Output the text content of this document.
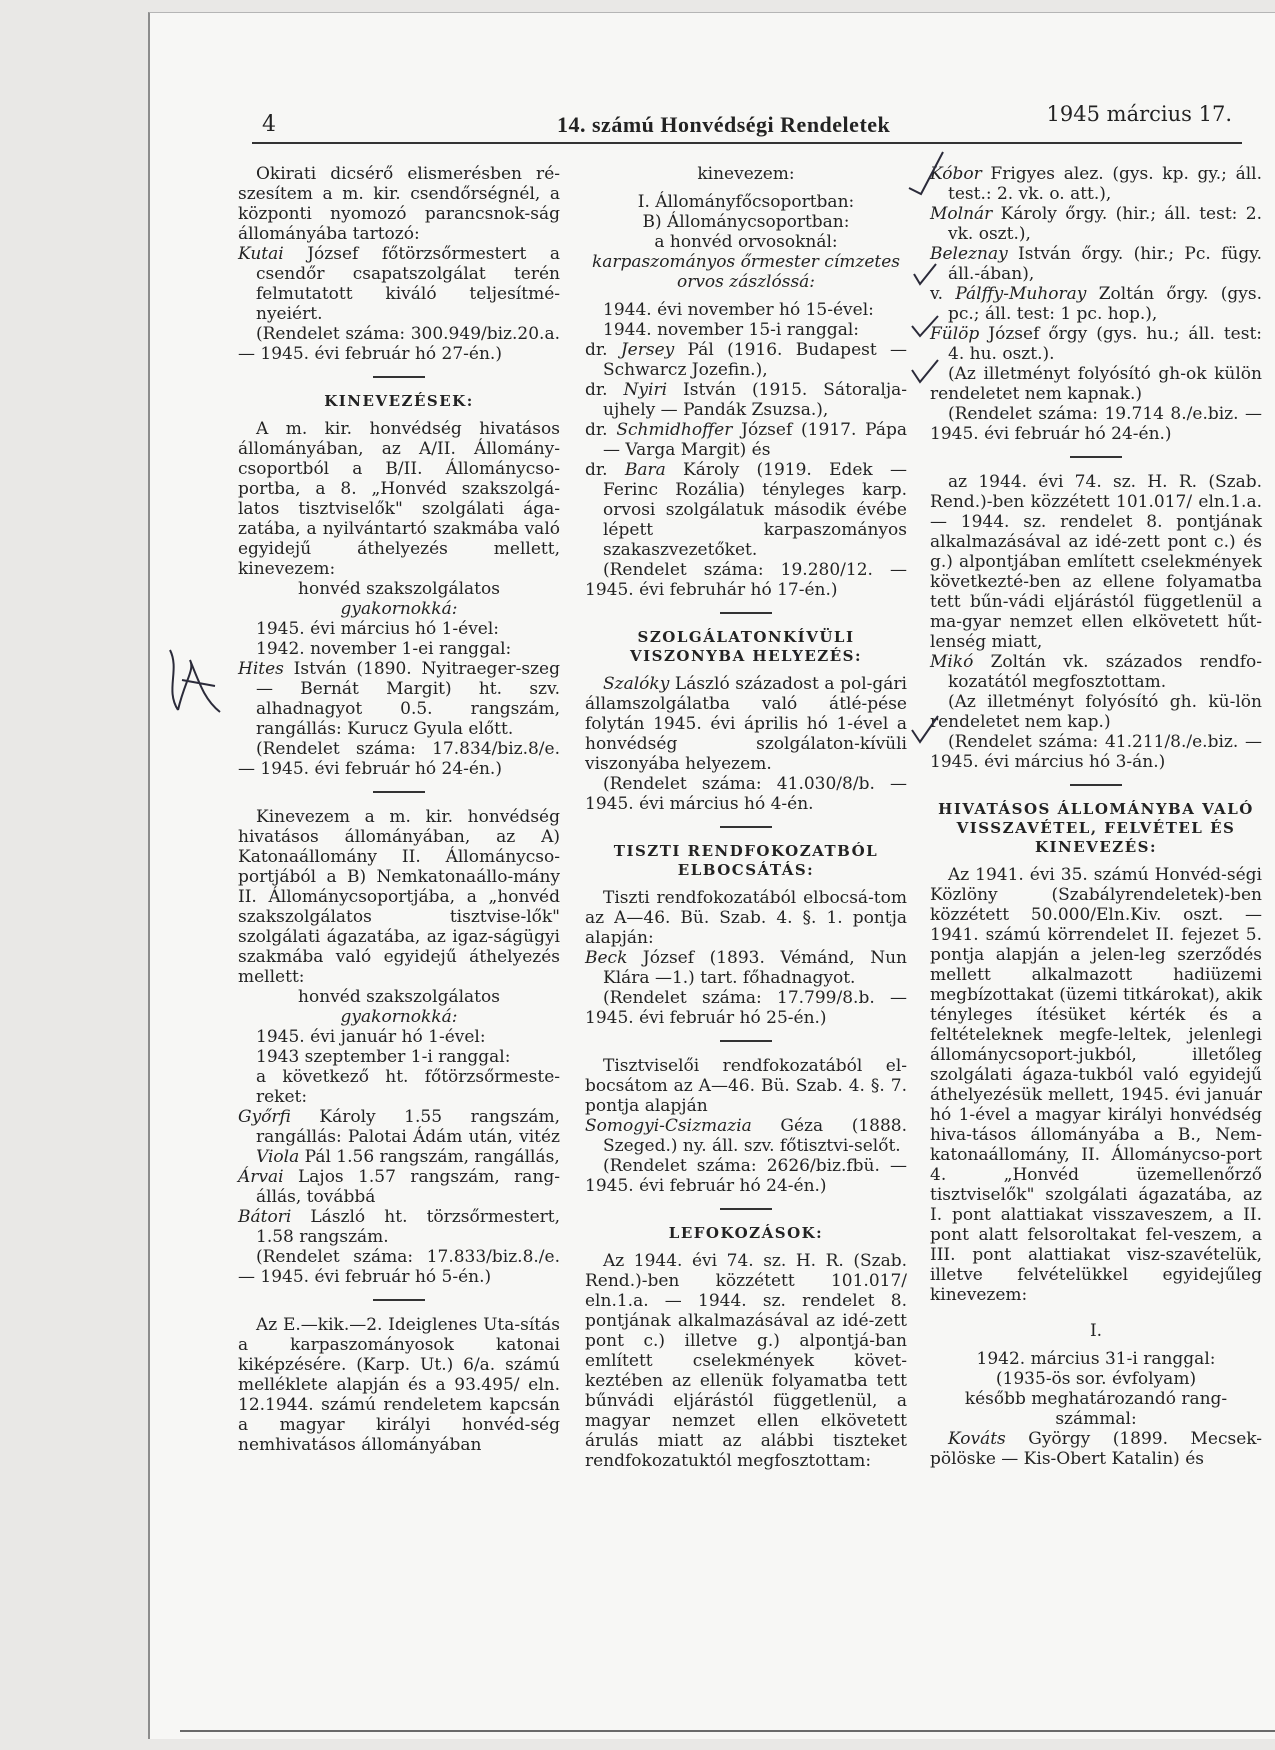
4	14. számú Honvédségi Rendeletek	1945 március 17.

Okirati dicsérő elismerésben ré-szesítem a m. kir. csendőrségnél, a központi nyomozó parancsnok-ság állományába tartozó:

Kutai József főtörzsőrmestert a csendőr csapatszolgálat terén felmutatott kiváló teljesítmé-nyeiért.

(Rendelet száma: 300.949/biz.20.a. — 1945. évi február hó 27-én.)

KINEVEZÉSEK:

A m. kir. honvédség hivatásos állományában, az A/II. Állomány-csoportból a B/II. Állománycso-portba, a 8. „Honvéd szakszolgá-latos tisztviselők" szolgálati ága-zatába, a nyilvántartó szakmába való egyidejű áthelyezés mellett, kinevezem:

honvéd szakszolgálatos

gyakornokká:

1945. évi március hó 1-ével:

1942. november 1-ei ranggal:

Hites István (1890. Nyitraeger-szeg — Bernát Margit) ht. szv. alhadnagyot 0.5. rangszám, rangállás: Kurucz Gyula előtt.

(Rendelet száma: 17.834/biz.8/e. — 1945. évi február hó 24-én.)

Kinevezem a m. kir. honvédség hivatásos állományában, az A) Katonaállomány II. Állománycso-portjából a B) Nemkatonaállo-mány II. Állománycsoportjába, a „honvéd szakszolgálatos tisztvise-lők" szolgálati ágazatába, az igaz-ságügyi szakmába való egyidejű áthelyezés mellett:

honvéd szakszolgálatos

gyakornokká:

1945. évi január hó 1-ével:

1943 szeptember 1-i ranggal:

a következő ht. főtörzsőrmeste-reket:

Győrfi Károly 1.55 rangszám, rangállás: Palotai Ádám után, vitéz Viola Pál 1.56 rangszám, rangállás,

Árvai Lajos 1.57 rangszám, rang-állás, továbbá

Bátori László ht. törzsőrmestert, 1.58 rangszám.

(Rendelet száma: 17.833/biz.8./e. — 1945. évi február hó 5-én.)

Az E.—kik.—2. Ideiglenes Uta-sítás a karpaszományosok katonai kiképzésére. (Karp. Ut.) 6/a. számú melléklete alapján és a 93.495/ eln. 12.1944. számú rendeletem kapcsán a magyar királyi honvéd-ség nemhivatásos állományában

kinevezem:

I. Állományfőcsoportban:

B) Állománycsoportban:

a honvéd orvosoknál:

karpaszományos őrmester címzetes orvos zászlóssá:

1944. évi november hó 15-ével:

1944. november 15-i ranggal:

dr. Jersey Pál (1916. Budapest — Schwarcz Jozefin.),

dr. Nyiri István (1915. Sátoralja-ujhely — Pandák Zsuzsa.),

dr. Schmidhoffer József (1917. Pápa — Varga Margit) és

dr. Bara Károly (1919. Edek — Ferinc Rozália) tényleges karp. orvosi szolgálatuk második évébe lépett karpaszományos szakaszvezetőket.

(Rendelet száma: 19.280/12. — 1945. évi februhár hó 17-én.)

SZOLGÁLATONKÍVÜLI VISZONYBA HELYEZÉS:

Szalóky László századost a pol-gári államszolgálatba való átlé-pése folytán 1945. évi április hó 1-ével a honvédség szolgálaton-kívüli viszonyába helyezem.

(Rendelet száma: 41.030/8/b. — 1945. évi március hó 4-én.

TISZTI RENDFOKOZATBÓL ELBOCSÁTÁS:

Tiszti rendfokozatából elbocsá-tom az A—46. Bü. Szab. 4. §. 1. pontja alapján:

Beck József (1893. Vémánd, Nun Klára —1.) tart. főhadnagyot.

(Rendelet száma: 17.799/8.b. — 1945. évi február hó 25-én.)

Tisztviselői rendfokozatából el-bocsátom az A—46. Bü. Szab. 4. §. 7. pontja alapján

Somogyi-Csizmazia Géza (1888. Szeged.) ny. áll. szv. főtisztvi-selőt.

(Rendelet száma: 2626/biz.fbü. — 1945. évi február hó 24-én.)

LEFOKOZÁSOK:

Az 1944. évi 74. sz. H. R. (Szab. Rend.)-ben közzétett 101.017/ eln.1.a. — 1944. sz. rendelet 8. pontjának alkalmazásával az idé-zett pont c.) illetve g.) alpontjá-ban említett cselekmények követ-keztében az ellenük folyamatba tett bűnvádi eljárástól függetlenül, a magyar nemzet ellen elkövetett árulás miatt az alábbi tiszteket rendfokozatuktól megfosztottam:

Kóbor Frigyes alez. (gys. kp. gy.; áll. test.: 2. vk. o. att.),

Molnár Károly őrgy. (hir.; áll. test: 2. vk. oszt.),

Beleznay István őrgy. (hir.; Pc. fügy. áll.-ában),

v. Pálffy-Muhoray Zoltán őrgy. (gys. pc.; áll. test: 1 pc. hop.),

Fülöp József őrgy (gys. hu.; áll. test: 4. hu. oszt.).

(Az illetményt folyósító gh-ok külön rendeletet nem kapnak.)

(Rendelet száma: 19.714 8./e.biz. — 1945. évi február hó 24-én.)

az 1944. évi 74. sz. H. R. (Szab. Rend.)-ben közzétett 101.017/ eln.1.a. — 1944. sz. rendelet 8. pontjának alkalmazásával az idé-zett pont c.) és g.) alpontjában említett cselekmények következté-ben az ellene folyamatba tett bűn-vádi eljárástól függetlenül a ma-gyar nemzet ellen elkövetett hűt-lenség miatt,

Mikó Zoltán vk. százados rendfo-kozatától megfosztottam.

(Az illetményt folyósító gh. kü-lön rendeletet nem kap.)

(Rendelet száma: 41.211/8./e.biz. — 1945. évi március hó 3-án.)

HIVATÁSOS ÁLLOMÁNYBA VALÓ VISSZAVÉTEL, FELVÉTEL ÉS KINEVEZÉS:

Az 1941. évi 35. számú Honvéd-ségi Közlöny (Szabályrendeletek)-ben közzétett 50.000/Eln.Kiv. oszt. — 1941. számú körrendelet II. fejezet 5. pontja alapján a jelen-leg szerződés mellett alkalmazott hadiüzemi megbízottakat (üzemi titkárokat), akik tényleges ítésüket kérték és a feltételeknek megfe-leltek, jelenlegi állománycsoport-jukból, illetőleg szolgálati ágaza-tukból való egyidejű áthelyezésük mellett, 1945. évi január hó 1-ével a magyar királyi honvédség hiva-tásos állományába a B., Nem-katonaállomány, II. Állománycso-port 4. „Honvéd üzemellenőrző tisztviselők" szolgálati ágazatába, az I. pont alattiakat visszaveszem, a II. pont alatt felsoroltakat fel-veszem, a III. pont alattiakat visz-szavételük, illetve felvételükkel egyidejűleg kinevezem:

I.

1942. március 31-i ranggal:

(1935-ös sor. évfolyam)

később meghatározandó rang-számmal:

Kováts György (1899. Mecsek-pölöske — Kis-Obert Katalin) és
